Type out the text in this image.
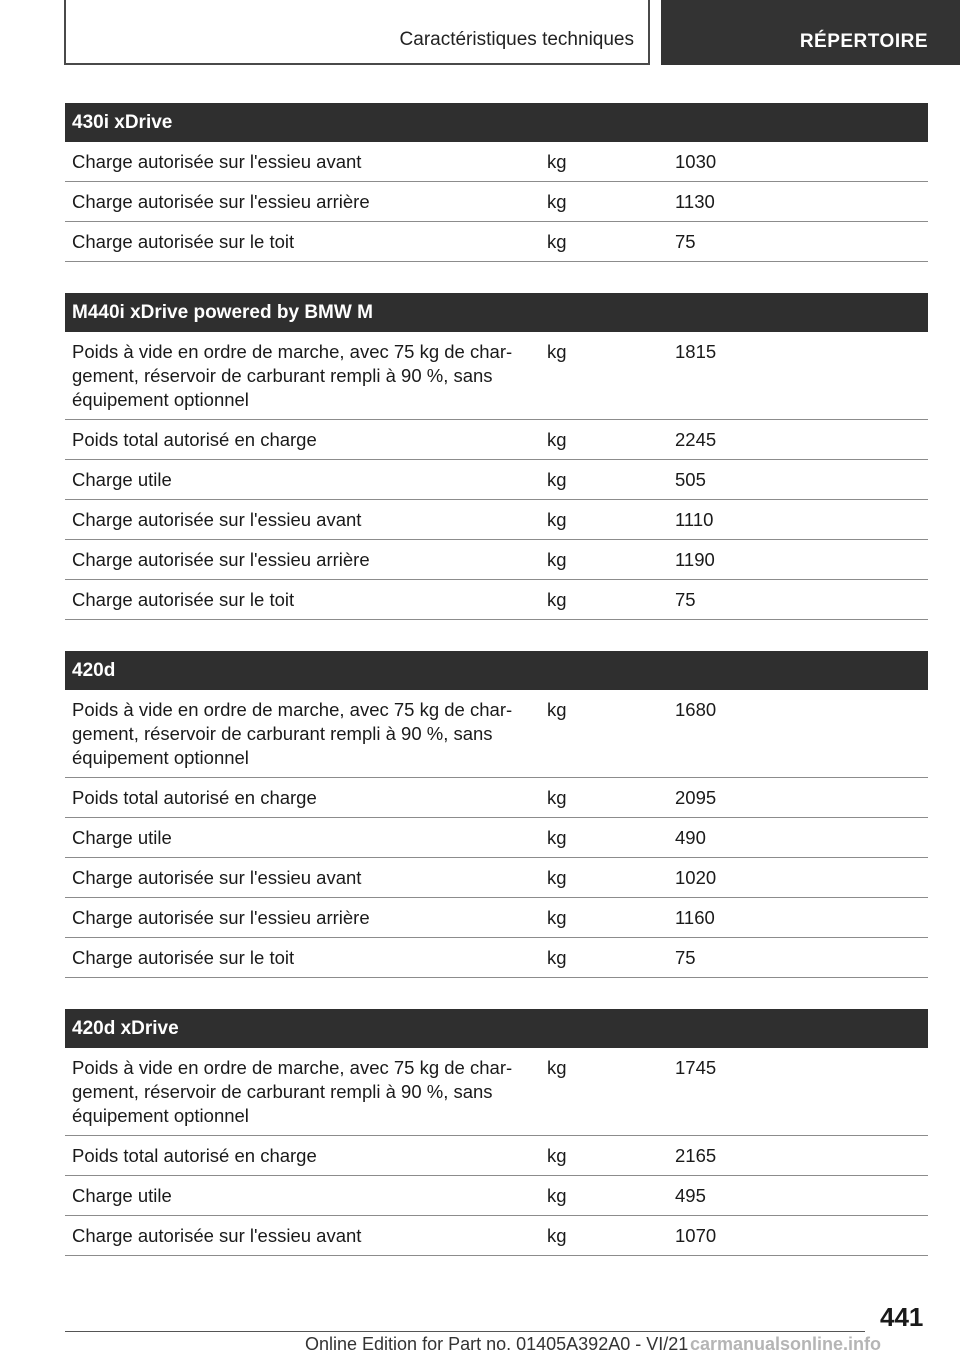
Caractéristiques techniques	RÉPERTOIRE
430i xDrive
Charge autorisée sur l'essieu avant	kg	1030
Charge autorisée sur l'essieu arrière	kg	1130
Charge autorisée sur le toit	kg	75
M440i xDrive powered by BMW M
Poids à vide en ordre de marche, avec 75 kg de char-
gement, réservoir de carburant rempli à 90 %, sans
équipement optionnel
kg	1815
Poids total autorisé en charge	kg	2245
Charge utile	kg	505
Charge autorisée sur l'essieu avant	kg	1110
Charge autorisée sur l'essieu arrière	kg	1190
Charge autorisée sur le toit	kg	75
420d
Poids à vide en ordre de marche, avec 75 kg de char-
gement, réservoir de carburant rempli à 90 %, sans
équipement optionnel
kg	1680
Poids total autorisé en charge	kg	2095
Charge utile	kg	490
Charge autorisée sur l'essieu avant	kg	1020
Charge autorisée sur l'essieu arrière	kg	1160
Charge autorisée sur le toit	kg	75
420d xDrive
Poids à vide en ordre de marche, avec 75 kg de char-
gement, réservoir de carburant rempli à 90 %, sans
équipement optionnel
kg	1745
Poids total autorisé en charge	kg	2165
Charge utile	kg	495
Charge autorisée sur l'essieu avant	kg	1070
441
Online Edition for Part no. 01405A392A0 - VI/21 carmanualsonline.info
